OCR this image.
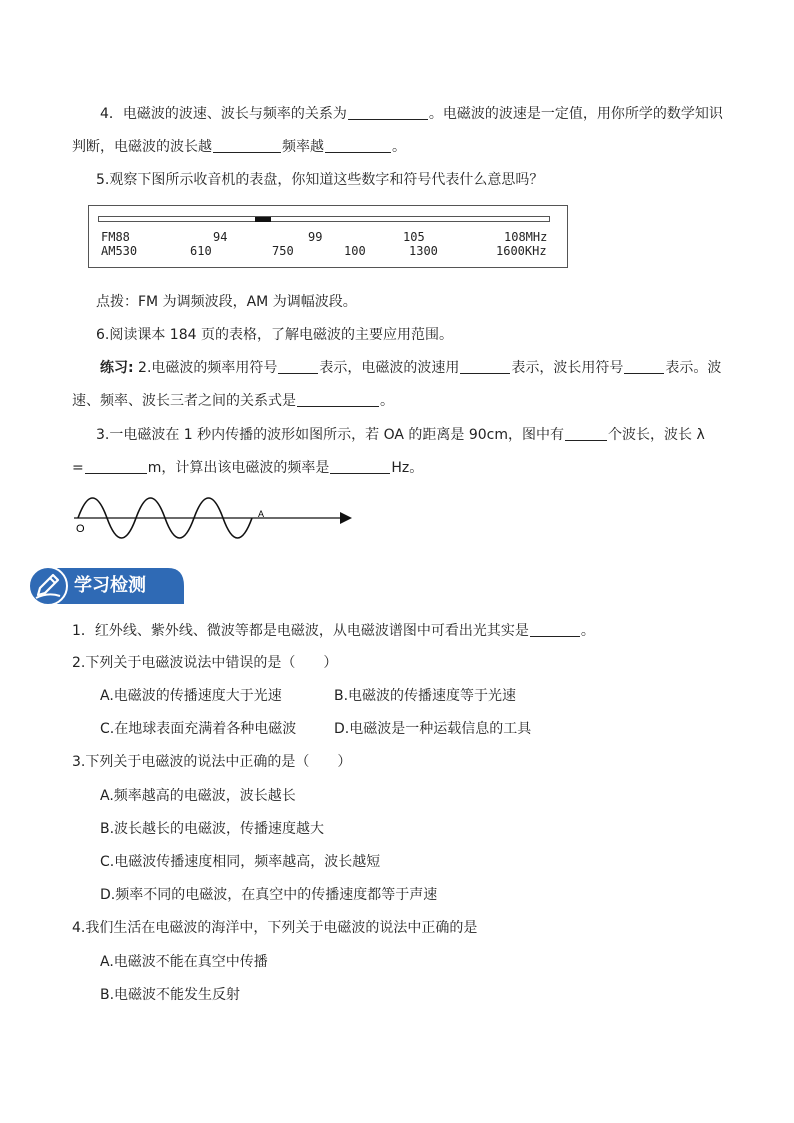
4．电磁波的波速、波长与频率的关系为	。电磁波的波速是一定值，用你所学的数学知识
判断，电磁波的波长越	频率越	。
5.观察下图所示收音机的表盘，你知道这些数字和符号代表什么意思吗？
FM88	94	99	105	108MHz
AM530	610	750	100	1300	1600KHz
点拨：FM 为调频波段，AM 为调幅波段。
6.阅读课本 184 页的表格，了解电磁波的主要应用范围。
练习: 2.电磁波的频率用符号	表示，电磁波的波速用	表示，波长用符号	表示。波
速、频率、波长三者之间的关系式是	。
3.一电磁波在 1 秒内传播的波形如图所示，若 OA 的距离是 90cm，图中有	个波长，波长 λ
=	m，计算出该电磁波的频率是	Hz。
O
A
学习检测
1．红外线、紫外线、微波等都是电磁波，从电磁波谱图中可看出光其实是	。
2.下列关于电磁波说法中错误的是（　　）
A.电磁波的传播速度大于光速	B.电磁波的传播速度等于光速
C.在地球表面充满着各种电磁波	D.电磁波是一种运载信息的工具
3.下列关于电磁波的说法中正确的是（　　）
A.频率越高的电磁波，波长越长
B.波长越长的电磁波，传播速度越大
C.电磁波传播速度相同，频率越高，波长越短
D.频率不同的电磁波，在真空中的传播速度都等于声速
4.我们生活在电磁波的海洋中，下列关于电磁波的说法中正确的是
A.电磁波不能在真空中传播
B.电磁波不能发生反射
